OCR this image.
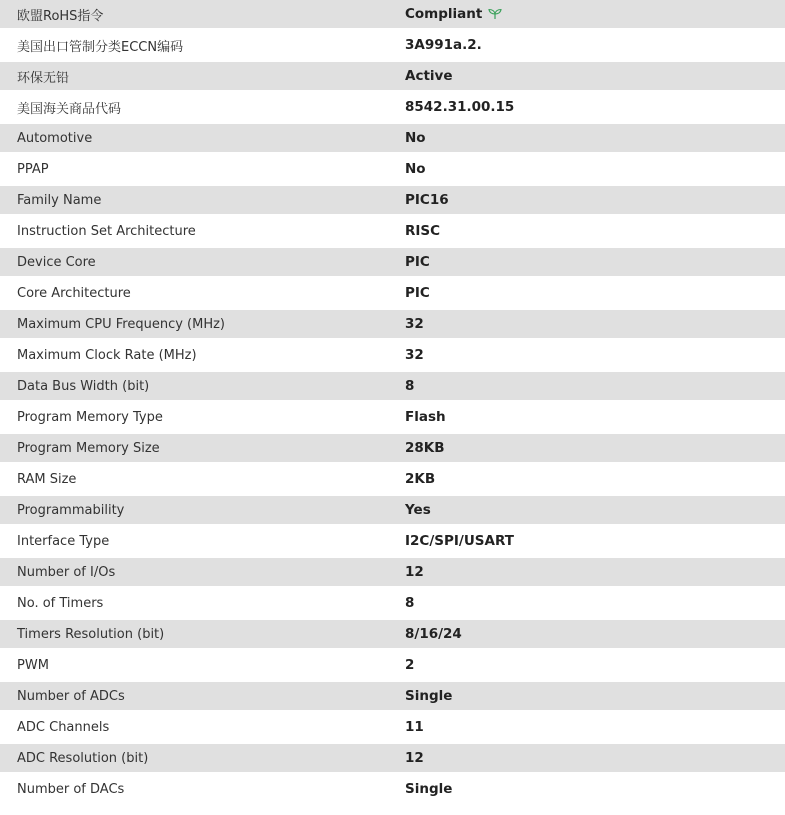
欧盟RoHS指令	Compliant
美国出口管制分类ECCN编码	3A991a.2.
环保无铅	Active
美国海关商品代码	8542.31.00.15
Automotive	No
PPAP	No
Family Name	PIC16
Instruction Set Architecture	RISC
Device Core	PIC
Core Architecture	PIC
Maximum CPU Frequency (MHz)	32
Maximum Clock Rate (MHz)	32
Data Bus Width (bit)	8
Program Memory Type	Flash
Program Memory Size	28KB
RAM Size	2KB
Programmability	Yes
Interface Type	I2C/SPI/USART
Number of I/Os	12
No. of Timers	8
Timers Resolution (bit)	8/16/24
PWM	2
Number of ADCs	Single
ADC Channels	11
ADC Resolution (bit)	12
Number of DACs	Single
